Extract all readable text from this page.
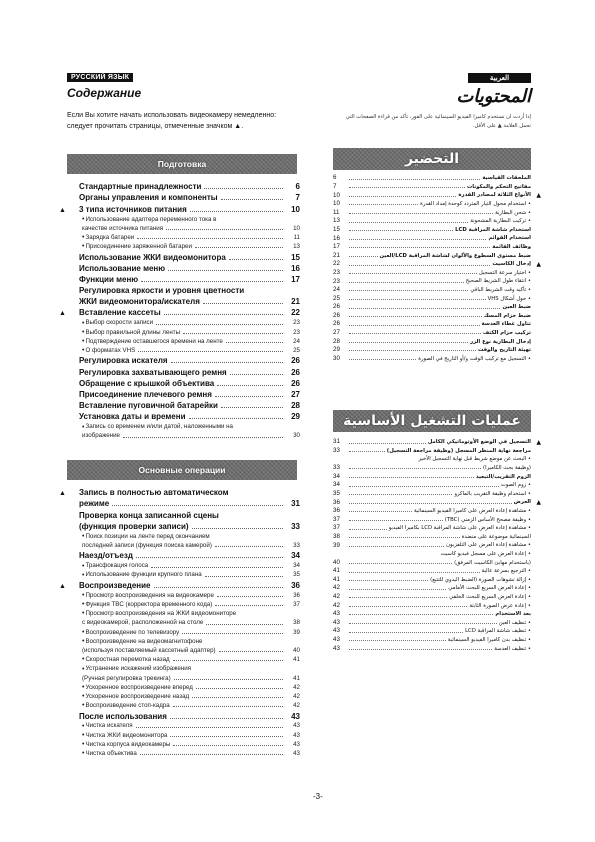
РУССКИЙ ЯЗЫК	العربية
Содержание	المحتويات
Если Вы хотите начать использовать видеокамеру немедленно: следует прочитать страницы, отмеченные значком ▲.
إذا أردت ان تستخدم كاميرا الفيديو السينمائية على الفور، تأكد من قراءة الصفحات التي تحمل العلامة ▲ على الأقل.
Подготовка
Основные операции
التحضير
عمليات التشغيل الأساسية
Стандартные принадлежности	6
Органы управления и компоненты	7
▲ 3 типа источников питания	10
• Использование адаптера переменного тока в
качестве источника питания	10
• Зарядка батареи	11
• Присоединение заряженной батареи	13
Использование ЖКИ видеомонитора	15
Использование меню	16
Функции меню	17
Регулировка яркости и уровня цветности
ЖКИ видеомонитора/искателя	21
▲ Вставление кассеты	22
• Выбор скорости записи	23
• Выбор правильной длины ленты	23
• Подтверждение оставшегося времени на ленте	24
• О форматах VHS	25
Регулировка искателя	26
Регулировка захватывающего ремня	26
Обращение с крышкой объектива	26
Присоединение плечевого ремня	27
Вставление пуговичной батарейки	28
Установка даты и времени	29
• Запись со временем и/или датой, наложенными на
изображение	30
▲ Запись в полностью автоматическом
режиме	31
Проверка конца записанной сцены
(функция проверки записи)	33
• Поиск позиции на ленте перед окончанием
последней записи (функция поиска камерой)	33
Наезд/отъезд	34
• Трансфокация голоса	34
• Использование функции крупного плана	35
▲ Воспроизведение	36
• Просмотр воспроизведения на видеокамере	36
• Функция TBC (корректора временного кода)	37
• Просмотр воспроизведения на ЖКИ видеомониторе
с видеокамерой, расположенной на столе	38
• Воспроизведение по телевизору	39
• Воспроизведение на видеомагнитофоне
(используя поставляемый кассетный адаптер)	40
• Скоростная перемотка назад	41
• Устранение искажений изображения
(Ручная регулировка трекинга)	41
• Ускоренное воспроизведение вперед	42
• Ускоренное воспроизведение назад	42
• Воспроизведение стоп-кадра	42
После использования	43
• Чистка искателя	43
• Чистка ЖКИ видеомонитора	43
• Чистка корпуса видеокамеры	43
• Чистка объектива	43
6	الملحقات القياسية
7	مفاتيح التحكم والمكونات
10	الأنواع الثلاثة لمصادر القدرة ▲
10	• استخدام محول التيار المتردد كوحدة إمداد القدرة
11	• شحن البطارية
13	• تركيب البطارية المشحونة
15	استخدام شاشة المراقبة LCD
16	استخدام القوائم
17	وظائف القائمة
21	ضبط مستوى السطوع والألوان لشاشة المراقبة LCD/العين
22	إدخال الكاسيت ▲
23	• اختيار سرعة التسجيل
23	• انتقاء طول الشريط الصحيح
24	• تأكيد وقت الشريط الباقي
25	• حول أشكال VHS
26	ضبط العين
26	ضبط حزام المسك
26	تناول غطاء العدسة
27	تركيب حزام الكتف
28	إدخال البطارية نوع الزر
29	تهيئة التاريخ والوقت
30	• التسجيل مع تركيب الوقت و/أو التاريخ في الصورة
31	التسجيل في الوضع الأوتوماتيكي الكامل ▲
33	مراجعة نهاية المنظر المسجل (وظيفة مراجعة التسجيل)
• البحث عن موضع شريط قبل نهاية التسجيل الأخير
33	(وظيفة بحث الكاميرا)
34	الزوم التقريب/التبعيد
34	• زوم الصوت
35	• استخدام وظيفة التقريب بالماكرو
36	العرض ▲
36	• مشاهدة إعادة العرض على كاميرا الفيديو السينمائية
37	• وظيفة مصحح الأساس الزمني (TBC)
37	• مشاهدة إعادة العرض على شاشة المراقبة LCD بكاميرا الفيديو
38	السينمائية موضوعة على منضدة
39	• مشاهدة إعادة العرض على التلفزيون
• إعادة العرض على مسجل فيديو كاسيت
40	(باستخدام مهايئ الكاسيت المرفق)
41	• الترجيع بسرعة عالية
41	• إزالة تشوهات الصورة (الضبط اليدوي للتتبع)
42	• إعادة العرض السريع للبحث الأمامي
42	• إعادة العرض السريع للبحث الخلفي
42	• إعادة عرض الصورة الثابتة
43	بعد الاستخدام
43	• تنظيف العين
43	• تنظيف شاشة المراقبة LCD
43	• تنظيف بدن كاميرا الفيديو السينمائية
43	• تنظيف العدسة
-3-
